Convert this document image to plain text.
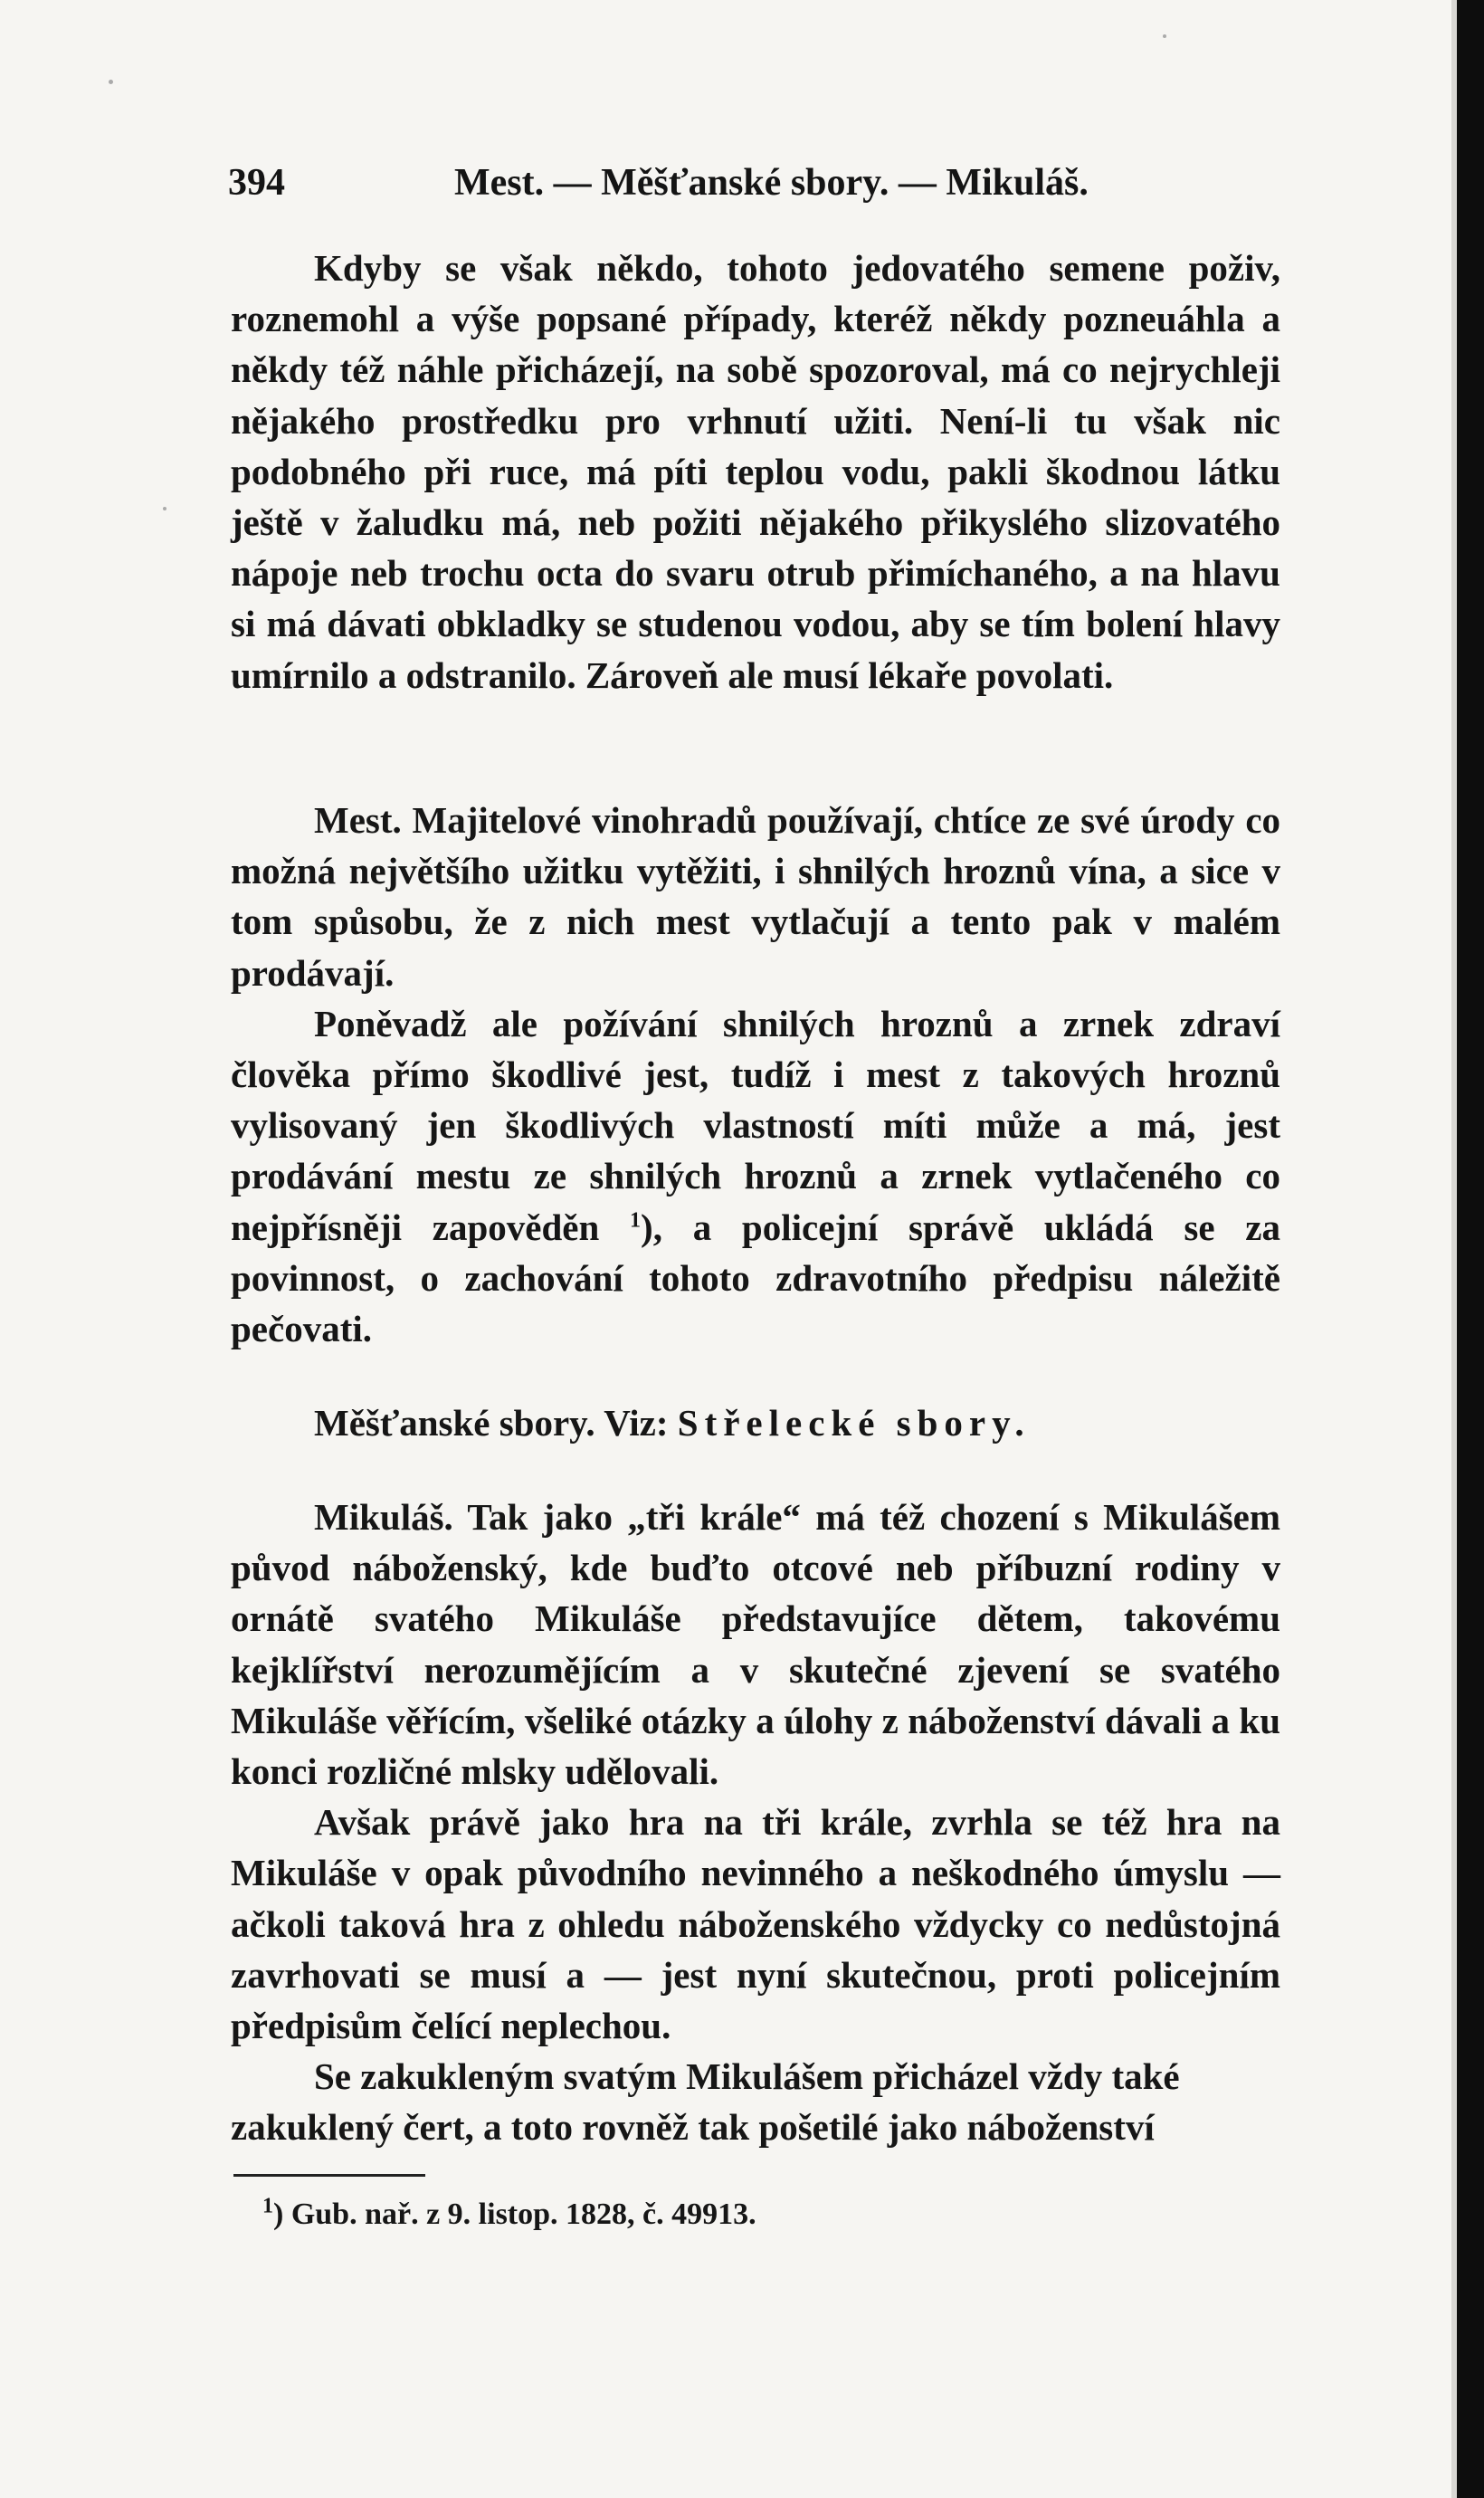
394	Mest. — Měšťanské sbory. — Mikuláš.

Kdyby se však někdo, tohoto jedovatého semene poživ, roznemohl a výše popsané případy, kteréž někdy pozneuáhla a někdy též náhle přicházejí, na sobě spozoroval, má co nejrychleji nějakého prostředku pro vrhnutí užiti. Není-li tu však nic podobného při ruce, má píti teplou vodu, pakli škodnou látku ještě v žaludku má, neb požiti nějakého přikyslého slizovatého nápoje neb trochu octa do svaru otrub přimíchaného, a na hlavu si má dávati obkladky se studenou vodou, aby se tím bolení hlavy umírnilo a odstranilo. Zároveň ale musí lékaře povolati.

Mest. Majitelové vinohradů používají, chtíce ze své úrody co možná největšího užitku vytěžiti, i shnilých hroznů vína, a sice v tom spůsobu, že z nich mest vytlačují a tento pak v malém prodávají.

Poněvadž ale požívání shnilých hroznů a zrnek zdraví člověka přímo škodlivé jest, tudíž i mest z takových hroznů vylisovaný jen škodlivých vlastností míti může a má, jest prodávání mestu ze shnilých hroznů a zrnek vytlačeného co nejpřísněji zapověděn $^1$), a policejní správě ukládá se za povinnost, o zachování tohoto zdravotního předpisu náležitě pečovati.

Měšťanské sbory. Viz: Střelecké sbory.

Mikuláš. Tak jako „tři krále“ má též chození s Mikulášem původ náboženský, kde buďto otcové neb příbuzní rodiny v ornátě svatého Mikuláše představujíce dětem, takovému kejklířství nerozumějícím a v skutečné zjevení se svatého Mikuláše věřícím, všeliké otázky a úlohy z náboženství dávali a ku konci rozličné mlsky udělovali.

Avšak právě jako hra na tři krále, zvrhla se též hra na Mikuláše v opak původního nevinného a neškodného úmyslu — ačkoli taková hra z ohledu náboženského vždycky co nedůstojná zavrhovati se musí a — jest nyní skutečnou, proti policejním předpisům čelící neplechou.

Se zakukleným svatým Mikulášem přicházel vždy také zakuklený čert, a toto rovněž tak pošetilé jako náboženství

$^1$) Gub. nař. z 9. listop. 1828, č. 49913.
